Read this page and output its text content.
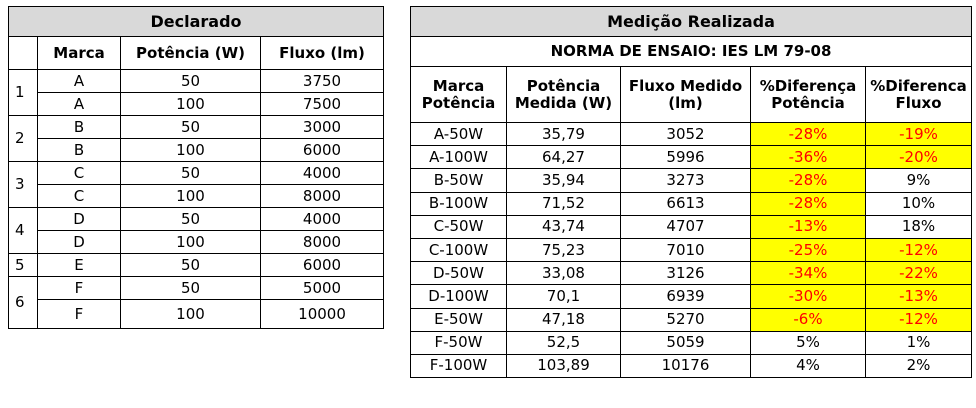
Declarado			
	Marca	Potência (W)	Fluxo (lm)
1	A	50	3750
	A	100	7500
2	B	50	3000
	B	100	6000
3	C	50	4000
	C	100	8000
4	D	50	4000
	D	100	8000
5	E	50	6000
6	F	50	5000
	F	100	10000
Medição Realizada				
NORMA DE ENSAIO: IES LM 79-08				
Marca Potência	Potência Medida (W)	Fluxo Medido (lm)	%Diferença Potência	%Diferenca Fluxo
A-50W	35,79	3052	-28%	-19%
A-100W	64,27	5996	-36%	-20%
B-50W	35,94	3273	-28%	9%
B-100W	71,52	6613	-28%	10%
C-50W	43,74	4707	-13%	18%
C-100W	75,23	7010	-25%	-12%
D-50W	33,08	3126	-34%	-22%
D-100W	70,1	6939	-30%	-13%
E-50W	47,18	5270	-6%	-12%
F-50W	52,5	5059	5%	1%
F-100W	103,89	10176	4%	2%
